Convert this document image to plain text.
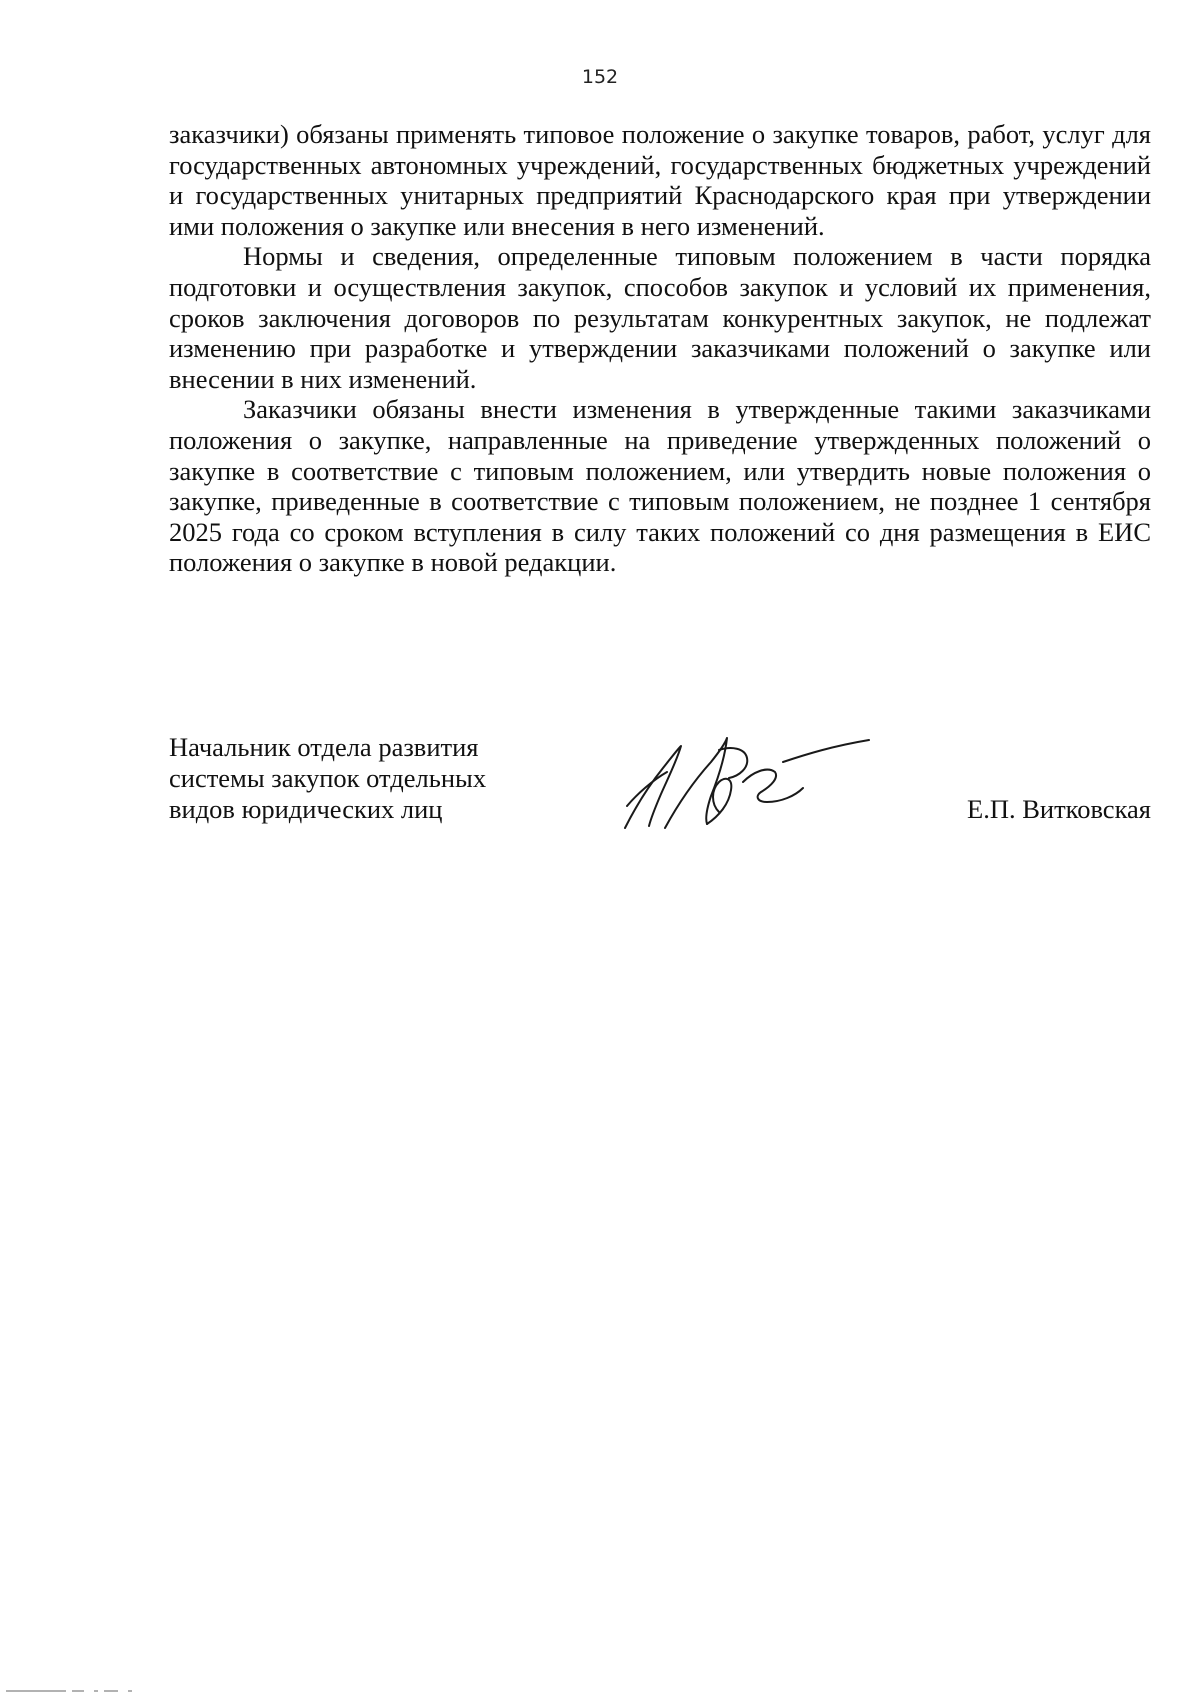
152

заказчики) обязаны применять типовое положение о закупке товаров, работ, услуг для государственных автономных учреждений, государственных бюджетных учреждений и государственных унитарных предприятий Краснодарского края при утверждении ими положения о закупке или внесения в него изменений.

Нормы и сведения, определенные типовым положением в части порядка подготовки и осуществления закупок, способов закупок и условий их применения, сроков заключения договоров по результатам конкурентных закупок, не подлежат изменению при разработке и утверждении заказчиками положений о закупке или внесении в них изменений.

Заказчики обязаны внести изменения в утвержденные такими заказчиками положения о закупке, направленные на приведение утвержденных положений о закупке в соответствие с типовым положением, или утвердить новые положения о закупке, приведенные в соответствие с типовым положением, не позднее 1 сентября 2025 года со сроком вступления в силу таких положений со дня размещения в ЕИС положения о закупке в новой редакции.

Начальник отдела развития
системы закупок отдельных
видов юридических лиц	Е.П. Витковская
